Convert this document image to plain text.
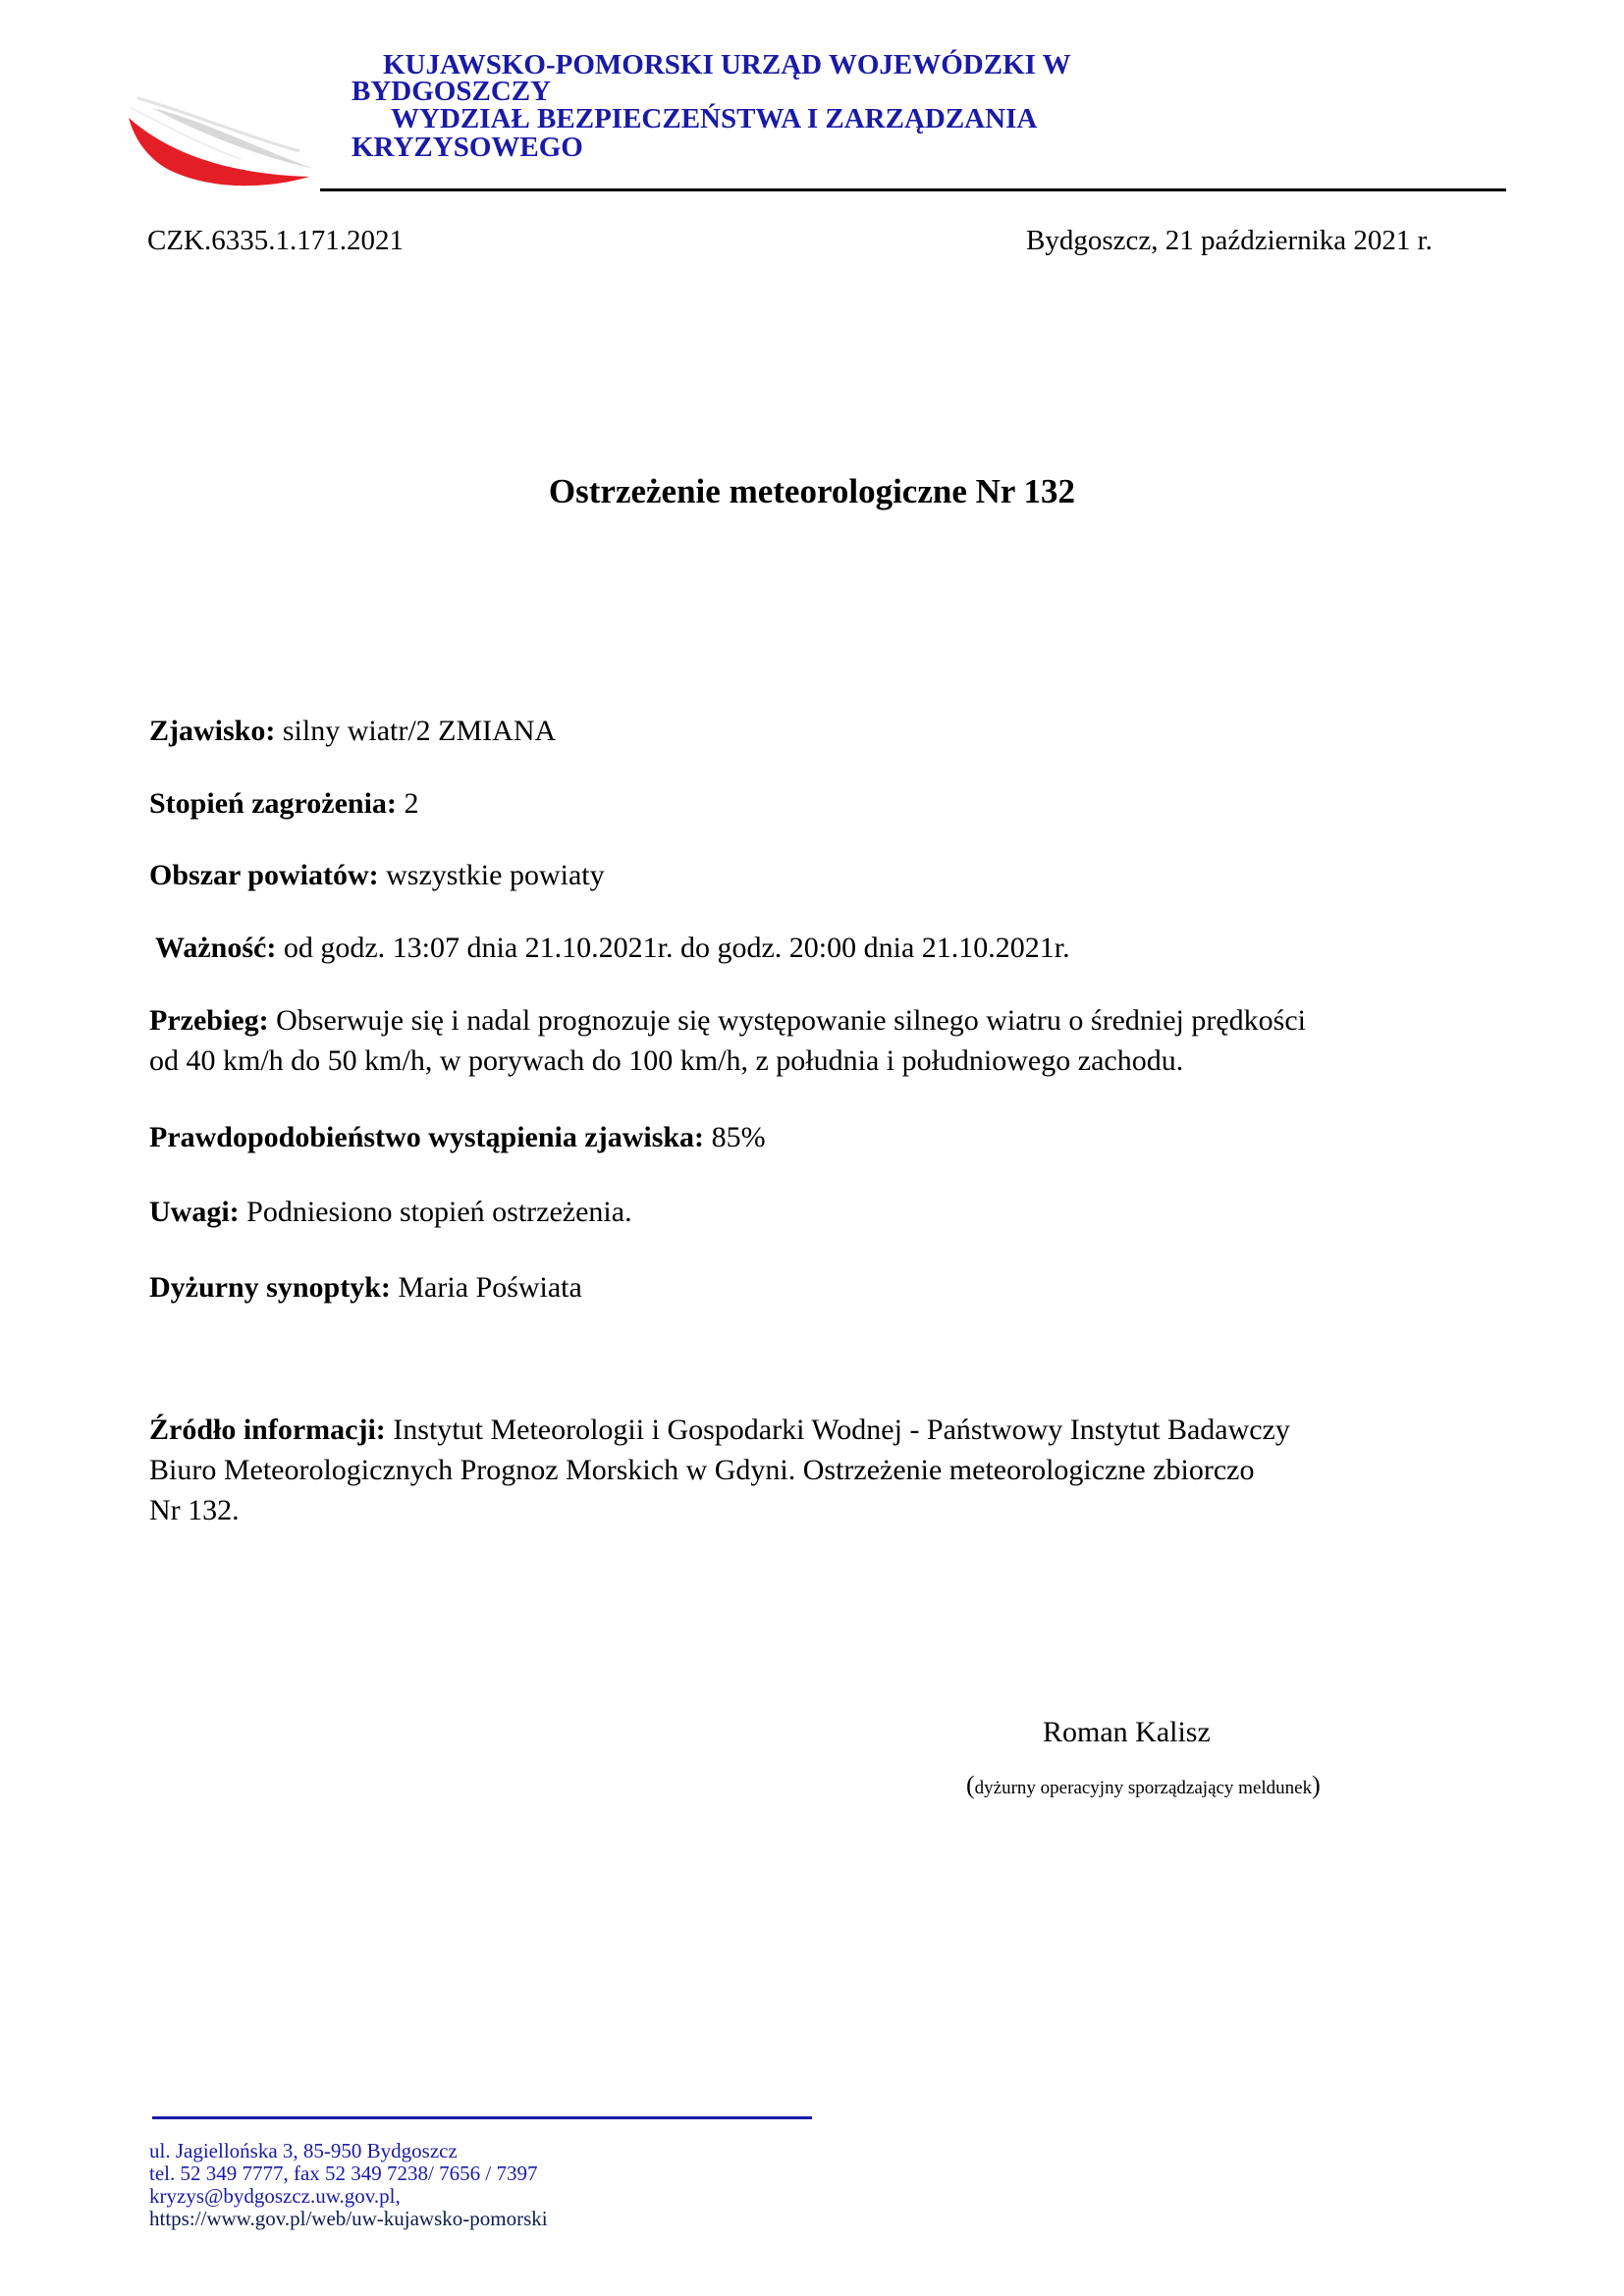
KUJAWSKO-POMORSKI URZĄD WOJEWÓDZKI W
BYDGOSZCZY
WYDZIAŁ BEZPIECZEŃSTWA I ZARZĄDZANIA
KRYZYSOWEGO
CZK.6335.1.171.2021	Bydgoszcz, 21 października 2021 r.
Ostrzeżenie meteorologiczne Nr 132
Zjawisko: silny wiatr/2 ZMIANA
Stopień zagrożenia: 2
Obszar powiatów: wszystkie powiaty
Ważność: od godz. 13:07 dnia 21.10.2021r. do godz. 20:00 dnia 21.10.2021r.
Przebieg: Obserwuje się i nadal prognozuje się występowanie silnego wiatru o średniej prędkości
od 40 km/h do 50 km/h, w porywach do 100 km/h, z południa i południowego zachodu.
Prawdopodobieństwo wystąpienia zjawiska: 85%
Uwagi: Podniesiono stopień ostrzeżenia.
Dyżurny synoptyk: Maria Poświata
Źródło informacji: Instytut Meteorologii i Gospodarki Wodnej - Państwowy Instytut Badawczy
Biuro Meteorologicznych Prognoz Morskich w Gdyni. Ostrzeżenie meteorologiczne zbiorczo
Nr 132.
Roman Kalisz
(dyżurny operacyjny sporządzający meldunek)
ul. Jagiellońska 3, 85-950 Bydgoszcz
tel. 52 349 7777, fax 52 349 7238/ 7656 / 7397
kryzys@bydgoszcz.uw.gov.pl,
https://www.gov.pl/web/uw-kujawsko-pomorski
